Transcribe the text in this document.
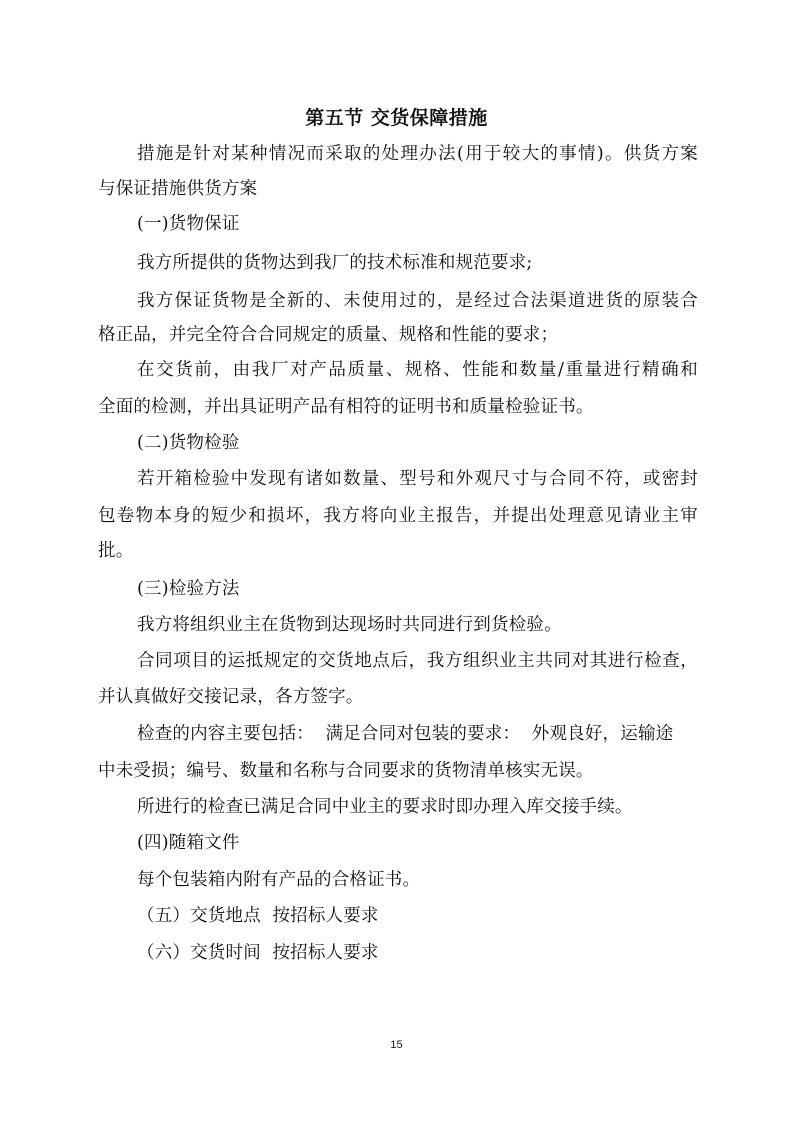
第五节 交货保障措施
措施是针对某种情况而采取的处理办法(用于较大的事情)。供货方案
与保证措施供货方案
(一)货物保证
我方所提供的货物达到我厂的技术标准和规范要求;
我方保证货物是全新的、未使用过的，是经过合法渠道进货的原装合
格正品，并完全符合合同规定的质量、规格和性能的要求；
在交货前，由我厂对产品质量、规格、性能和数量/重量进行精确和
全面的检测，并出具证明产品有相符的证明书和质量检验证书。
(二)货物检验
若开箱检验中发现有诸如数量、型号和外观尺寸与合同不符，或密封
包卷物本身的短少和损坏，我方将向业主报告，并提出处理意见请业主审
批。
(三)检验方法
我方将组织业主在货物到达现场时共同进行到货检验。
合同项目的运抵规定的交货地点后，我方组织业主共同对其进行检查，
并认真做好交接记录，各方签字。
检查的内容主要包括：  满足合同对包装的要求：  外观良好，运输途
中未受损；编号、数量和名称与合同要求的货物清单核实无误。
所进行的检查已满足合同中业主的要求时即办理入库交接手续。
(四)随箱文件
每个包装箱内附有产品的合格证书。
（五）交货地点  按招标人要求
（六）交货时间  按招标人要求
15
